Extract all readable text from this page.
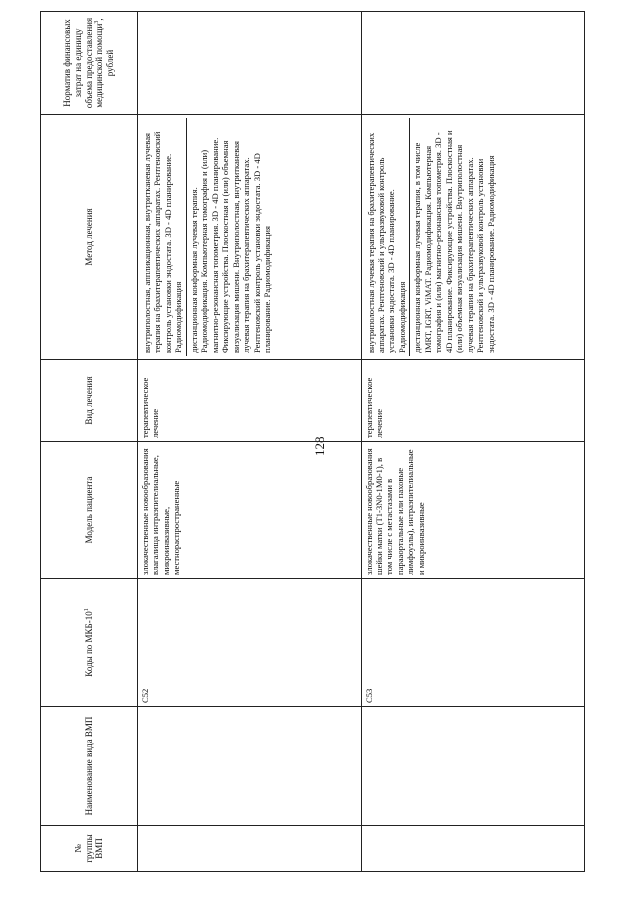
128
№ группы ВМП	Наименование вида ВМП	Коды по МКБ-$10^1$	Модель пациента	Вид лечения	Метод лечения	Норматив финансовых затрат на единицу объема предоставления медицинской помощи$^3$, рублей
		C52	злокачественные новообразования влагалища интраэпителиальные, микроинвазивные, местнораспространенные	терапевтическое лечение	внутриполостная, аппликационная, внутритканевая лучевая терапия на брахитерапевтических аппаратах. Рентгеновский контроль установки эндостата. 3D - 4D планирование. Радиомодификация дистанционная конформная лучевая терапия. Радиомодификация. Компьютерная томография и (или) магнитно-резонансная топометрия. 3D - 4D планирование. Фиксирующие устройства. Плоскостная и (или) объемная визуализация мишени. Внутриполостная, внутритканевая лучевая терапия на брахитерапевтических аппаратах. Рентгеновский контроль установки эндостата. 3D - 4D планирование. Радиомодификация	

		C53	злокачественные новообразования шейки матки (T1-3N0-1M0-1), в том числе с метастазами в парааортальные или паховые лимфоузлы), интраэпителиальные и микроинвазивные	терапевтическое лечение	внутриполостная лучевая терапия на брахитерапевтических аппаратах. Рентгеновский и ультразвуковой контроль установки эндостата. 3D - 4D планирование. Радиомодификация дистанционная конформная лучевая терапия, в том числе IMRT, IGRT, ViMAT. Радиомодификация. Компьютерная томография и (или) магнитно-резонансная топометрия. 3D - 4D планирование. Фиксирующие устройства. Плоскостная и (или) объемная визуализация мишени. Внутриполостная лучевая терапия на брахитерапевтических аппаратах. Рентгеновский и ультразвуковой контроль установки эндостата. 3D - 4D планирование. Радиомодификация	
